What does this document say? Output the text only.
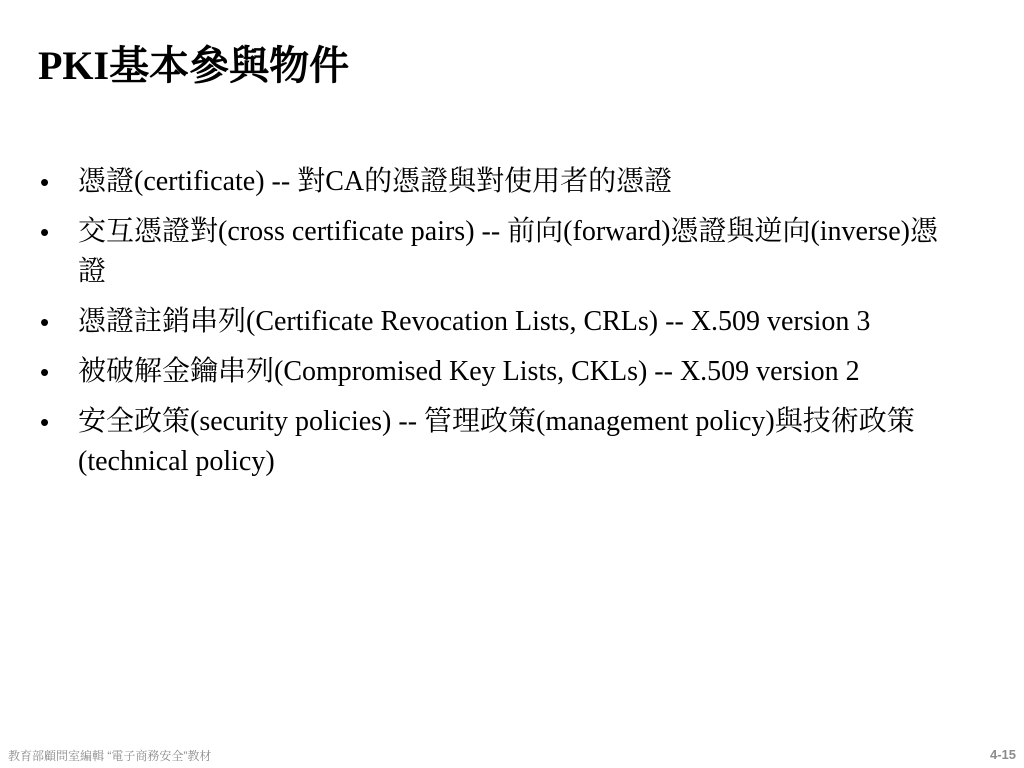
PKI基本參與物件
• 憑證(certificate) -- 對CA的憑證與對使用者的憑證
• 交互憑證對(cross certificate pairs) -- 前向(forward)憑證與逆向(inverse)憑證
• 憑證註銷串列(Certificate Revocation Lists, CRLs) -- X.509 version 3
• 被破解金鑰串列(Compromised Key Lists, CKLs) -- X.509 version 2
• 安全政策(security policies) -- 管理政策(management policy)與技術政策(technical policy)
教育部顧問室編輯 “電子商務安全”教材	4-15
